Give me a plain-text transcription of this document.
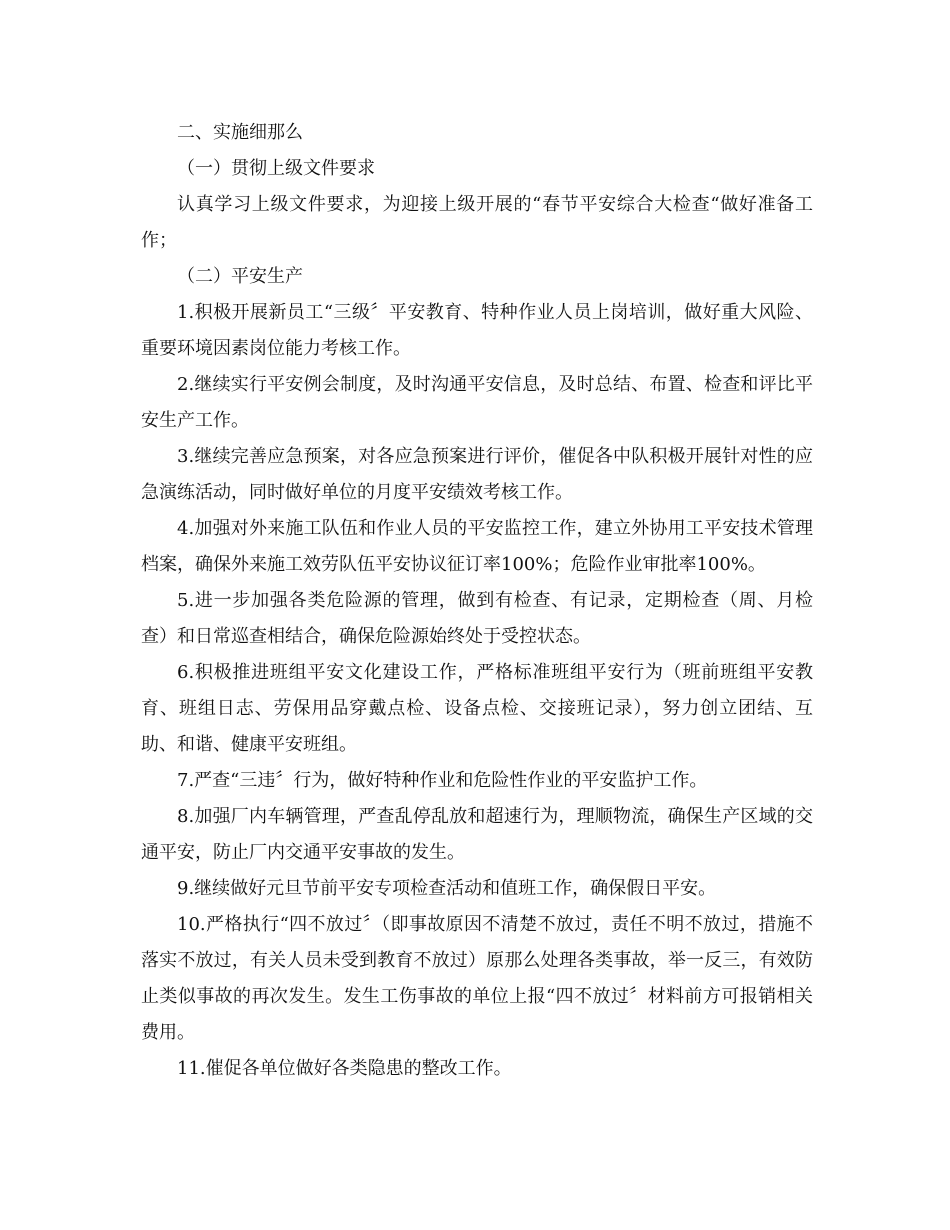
二、实施细那么

（一）贯彻上级文件要求

认真学习上级文件要求，为迎接上级开展的“春节平安综合大检查“做好准备工作；

（二）平安生产

1.积极开展新员工“三级〞平安教育、特种作业人员上岗培训，做好重大风险、重要环境因素岗位能力考核工作。

2.继续实行平安例会制度，及时沟通平安信息，及时总结、布置、检查和评比平安生产工作。

3.继续完善应急预案，对各应急预案进行评价，催促各中队积极开展针对性的应急演练活动，同时做好单位的月度平安绩效考核工作。

4.加强对外来施工队伍和作业人员的平安监控工作，建立外协用工平安技术管理档案，确保外来施工效劳队伍平安协议征订率100%；危险作业审批率100%。

5.进一步加强各类危险源的管理，做到有检查、有记录，定期检查（周、月检查）和日常巡查相结合，确保危险源始终处于受控状态。

6.积极推进班组平安文化建设工作，严格标准班组平安行为（班前班组平安教育、班组日志、劳保用品穿戴点检、设备点检、交接班记录），努力创立团结、互助、和谐、健康平安班组。

7.严查“三违〞行为，做好特种作业和危险性作业的平安监护工作。

8.加强厂内车辆管理，严查乱停乱放和超速行为，理顺物流，确保生产区域的交通平安，防止厂内交通平安事故的发生。

9.继续做好元旦节前平安专项检查活动和值班工作，确保假日平安。

10.严格执行“四不放过〞（即事故原因不清楚不放过，责任不明不放过，措施不落实不放过，有关人员未受到教育不放过）原那么处理各类事故，举一反三，有效防止类似事故的再次发生。发生工伤事故的单位上报“四不放过〞材料前方可报销相关费用。

11.催促各单位做好各类隐患的整改工作。
